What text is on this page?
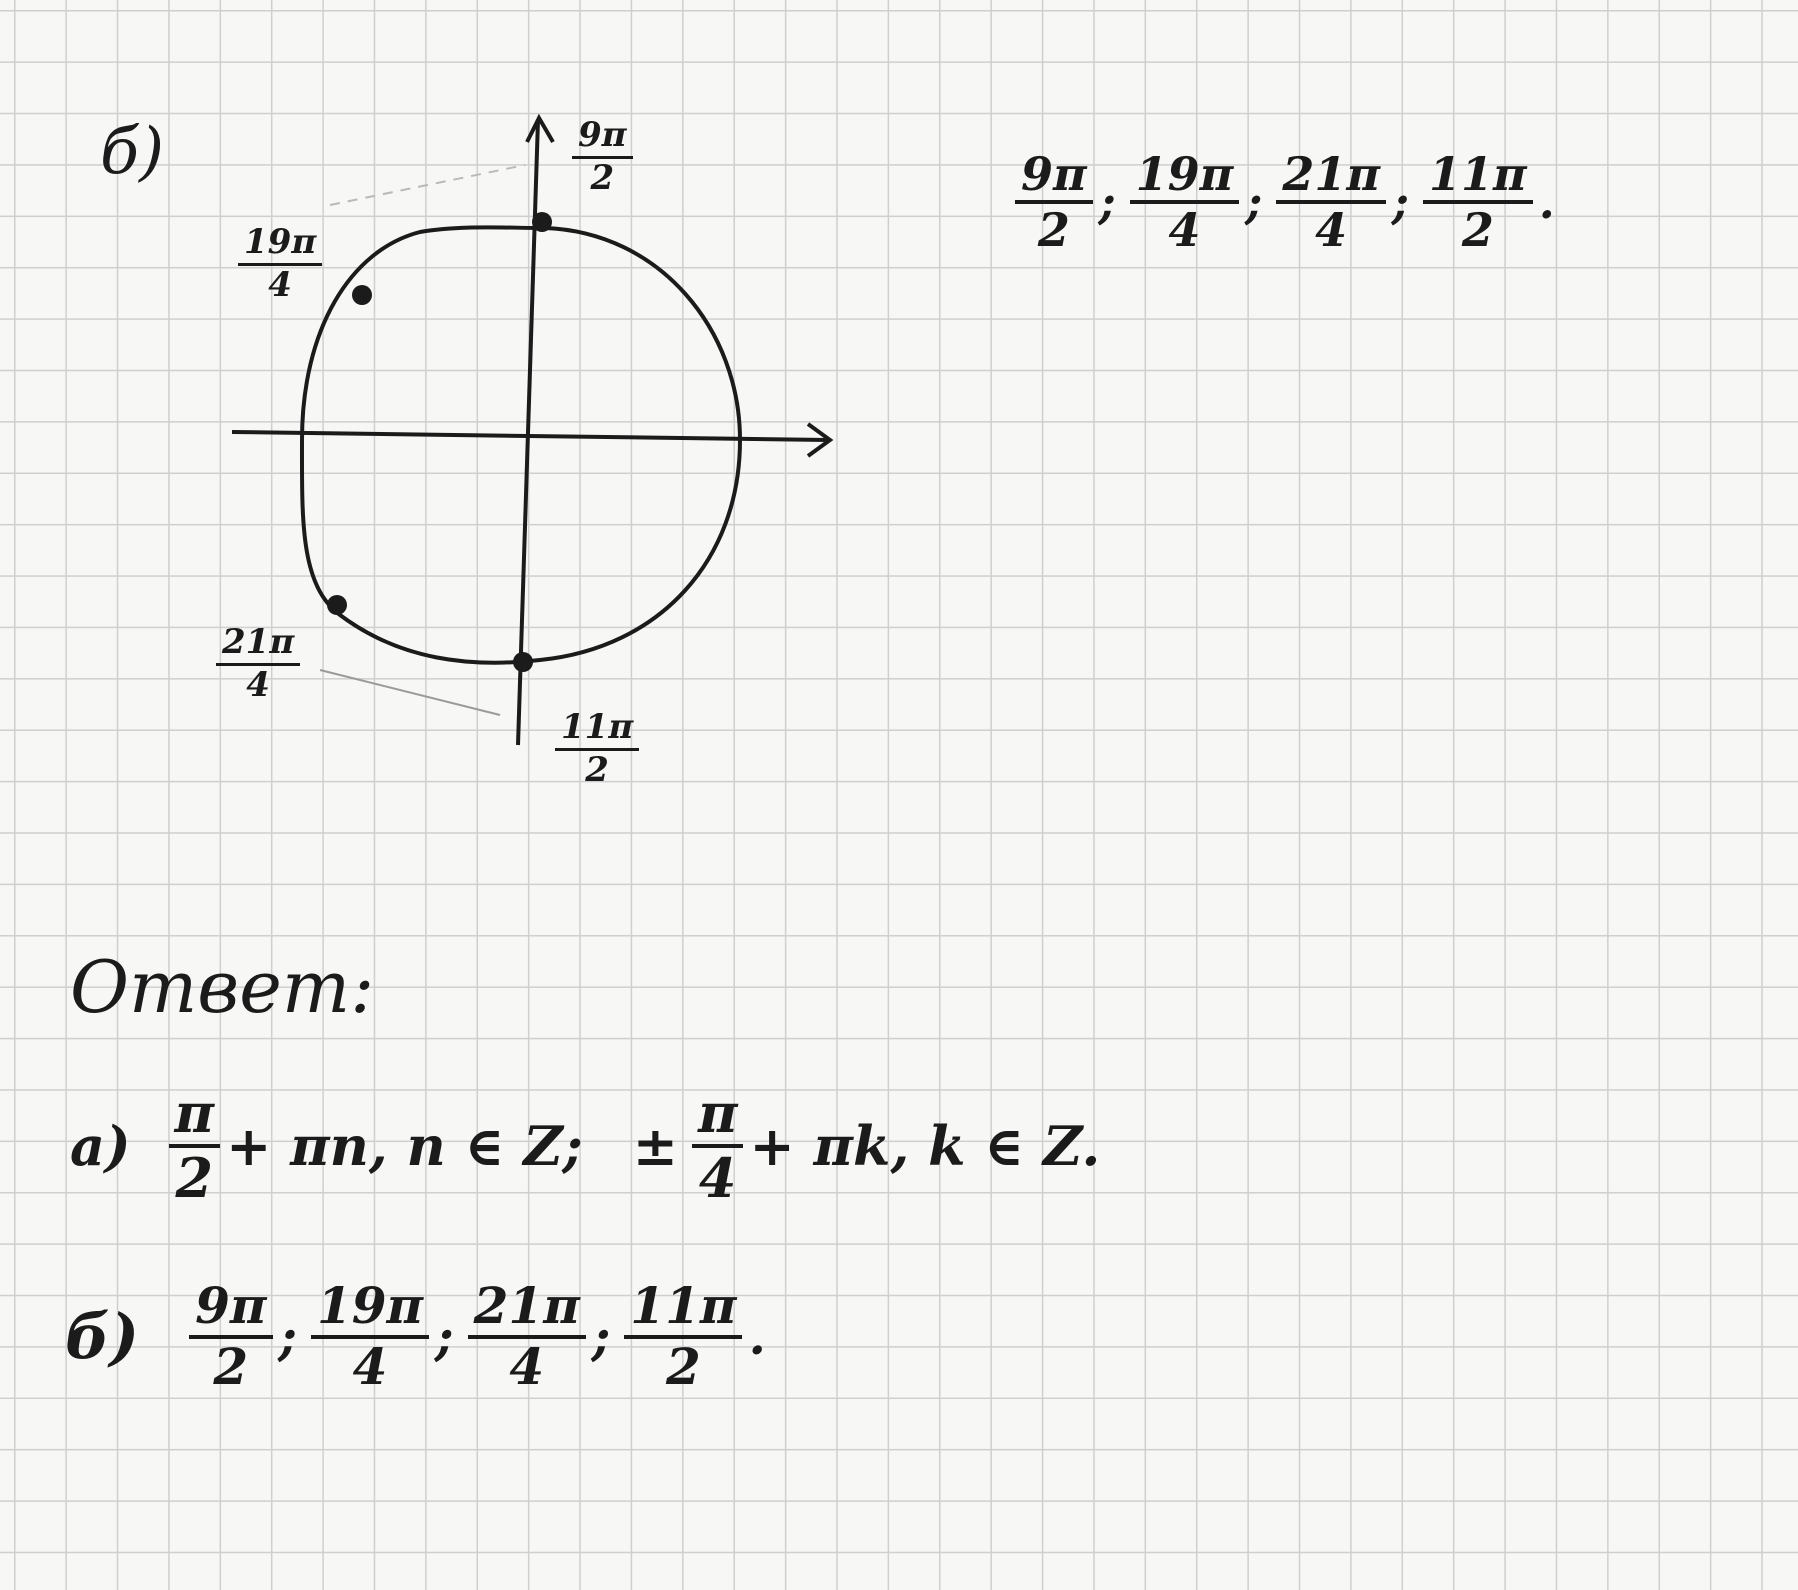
б)	$\frac{9\pi}{2}$
$\frac{19\pi}{4}$
$\frac{21\pi}{4}$
$\frac{11\pi}{2}$
$\frac{9\pi}{2}$ ; $\frac{19\pi}{4}$ ; $\frac{21\pi}{4}$ ; $\frac{11\pi}{2}$ .
Ответ:
$а) \frac{\pi}{2} + \pi n$, n ∈ Z; ± $\frac{\pi}{4} + \pi k$, k ∈ Z.
$б) \frac{9\pi}{2}$ ; $\frac{19\pi}{4}$ ; $\frac{21\pi}{4}$ ; $\frac{11\pi}{2}$ .
